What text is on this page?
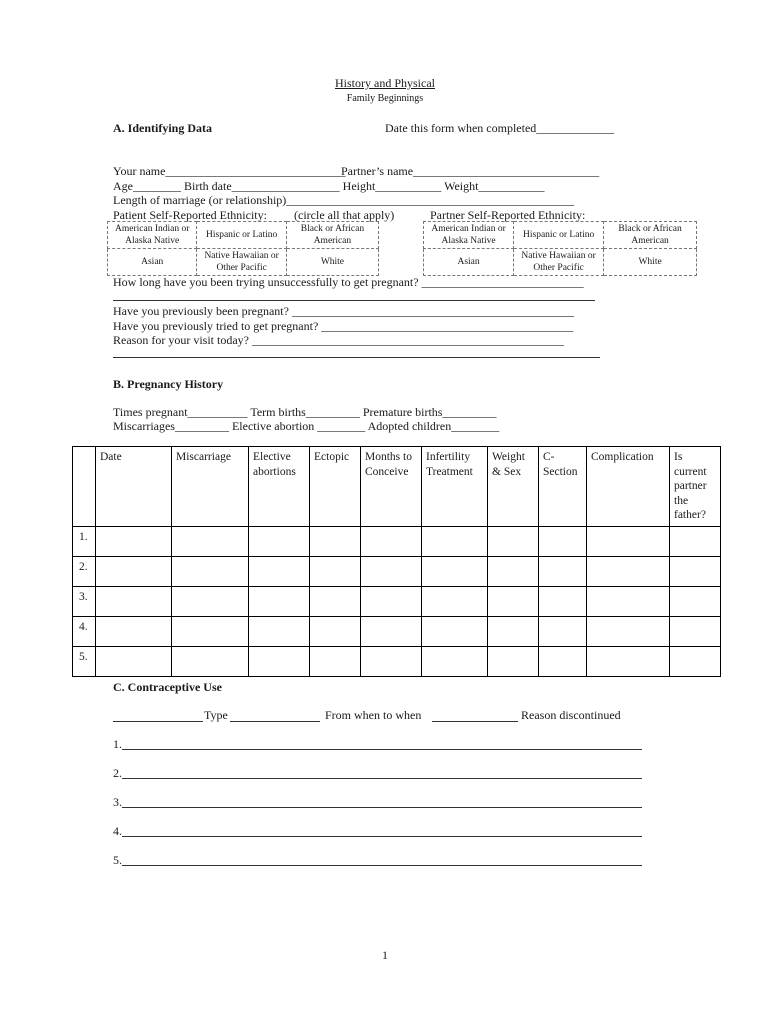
History and Physical
Family Beginnings
A. Identifying Data	Date this form when completed_____________
Your name______________________________
Partner’s name_______________________________
Age________ Birth date__________________ Height___________ Weight___________
Length of marriage (or relationship)________________________________________________
Patient Self-Reported Ethnicity: (circle all that apply)	Partner Self-Reported Ethnicity:
American Indian or Alaska Native	Hispanic or Latino	Black or African American
Asian	Native Hawaiian or Other Pacific	White
American Indian or Alaska Native	Hispanic or Latino	Black or African American
Asian	Native Hawaiian or Other Pacific	White
How long have you been trying unsuccessfully to get pregnant? ___________________________
Have you previously been pregnant? _______________________________________________
Have you previously tried to get pregnant? __________________________________________
Reason for your visit today? ____________________________________________________
B. Pregnancy History
Times pregnant__________ Term births_________ Premature births_________
Miscarriages_________ Elective abortion ________ Adopted children________
	Date	Miscarriage	Elective abortions	Ectopic	Months to Conceive	Infertility Treatment	Weight & Sex	C-Section	Complication	Is current partner the father?
1.										
2.										
3.										
4.										
5.										
C. Contraceptive Use
Type	From when to when	Reason discontinued
1.
2.
3.
4.
5.
1
